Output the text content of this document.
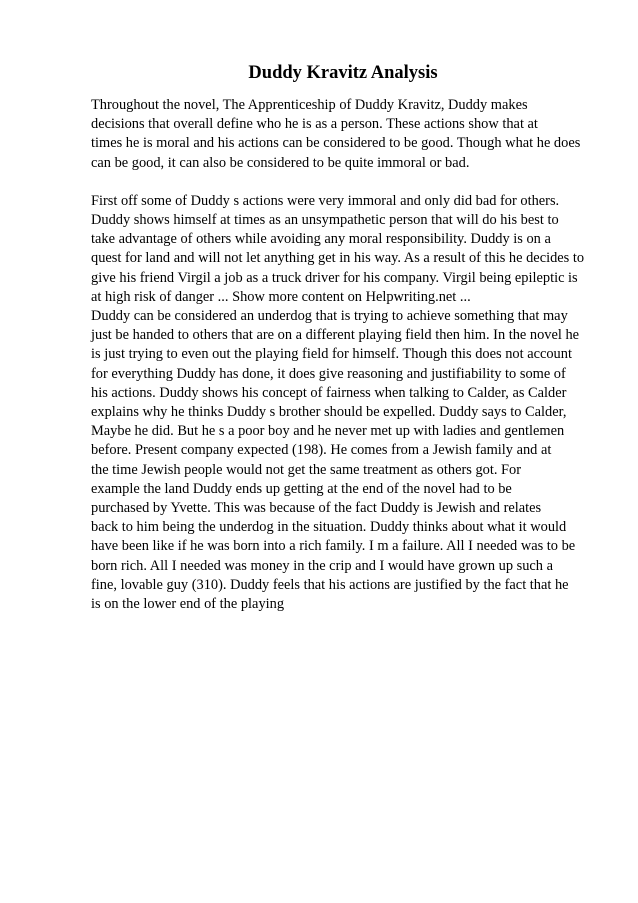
Duddy Kravitz Analysis
Throughout the novel, The Apprenticeship of Duddy Kravitz, Duddy makes
decisions that overall define who he is as a person. These actions show that at
times he is moral and his actions can be considered to be good. Though what he does
can be good, it can also be considered to be quite immoral or bad.
First off some of Duddy s actions were very immoral and only did bad for others.
Duddy shows himself at times as an unsympathetic person that will do his best to
take advantage of others while avoiding any moral responsibility. Duddy is on a
quest for land and will not let anything get in his way. As a result of this he decides to
give his friend Virgil a job as a truck driver for his company. Virgil being epileptic is
at high risk of danger ... Show more content on Helpwriting.net ...
Duddy can be considered an underdog that is trying to achieve something that may
just be handed to others that are on a different playing field then him. In the novel he
is just trying to even out the playing field for himself. Though this does not account
for everything Duddy has done, it does give reasoning and justifiability to some of
his actions. Duddy shows his concept of fairness when talking to Calder, as Calder
explains why he thinks Duddy s brother should be expelled. Duddy says to Calder,
Maybe he did. But he s a poor boy and he never met up with ladies and gentlemen
before. Present company expected (198). He comes from a Jewish family and at
the time Jewish people would not get the same treatment as others got. For
example the land Duddy ends up getting at the end of the novel had to be
purchased by Yvette. This was because of the fact Duddy is Jewish and relates
back to him being the underdog in the situation. Duddy thinks about what it would
have been like if he was born into a rich family. I m a failure. All I needed was to be
born rich. All I needed was money in the crip and I would have grown up such a
fine, lovable guy (310). Duddy feels that his actions are justified by the fact that he
is on the lower end of the playing
